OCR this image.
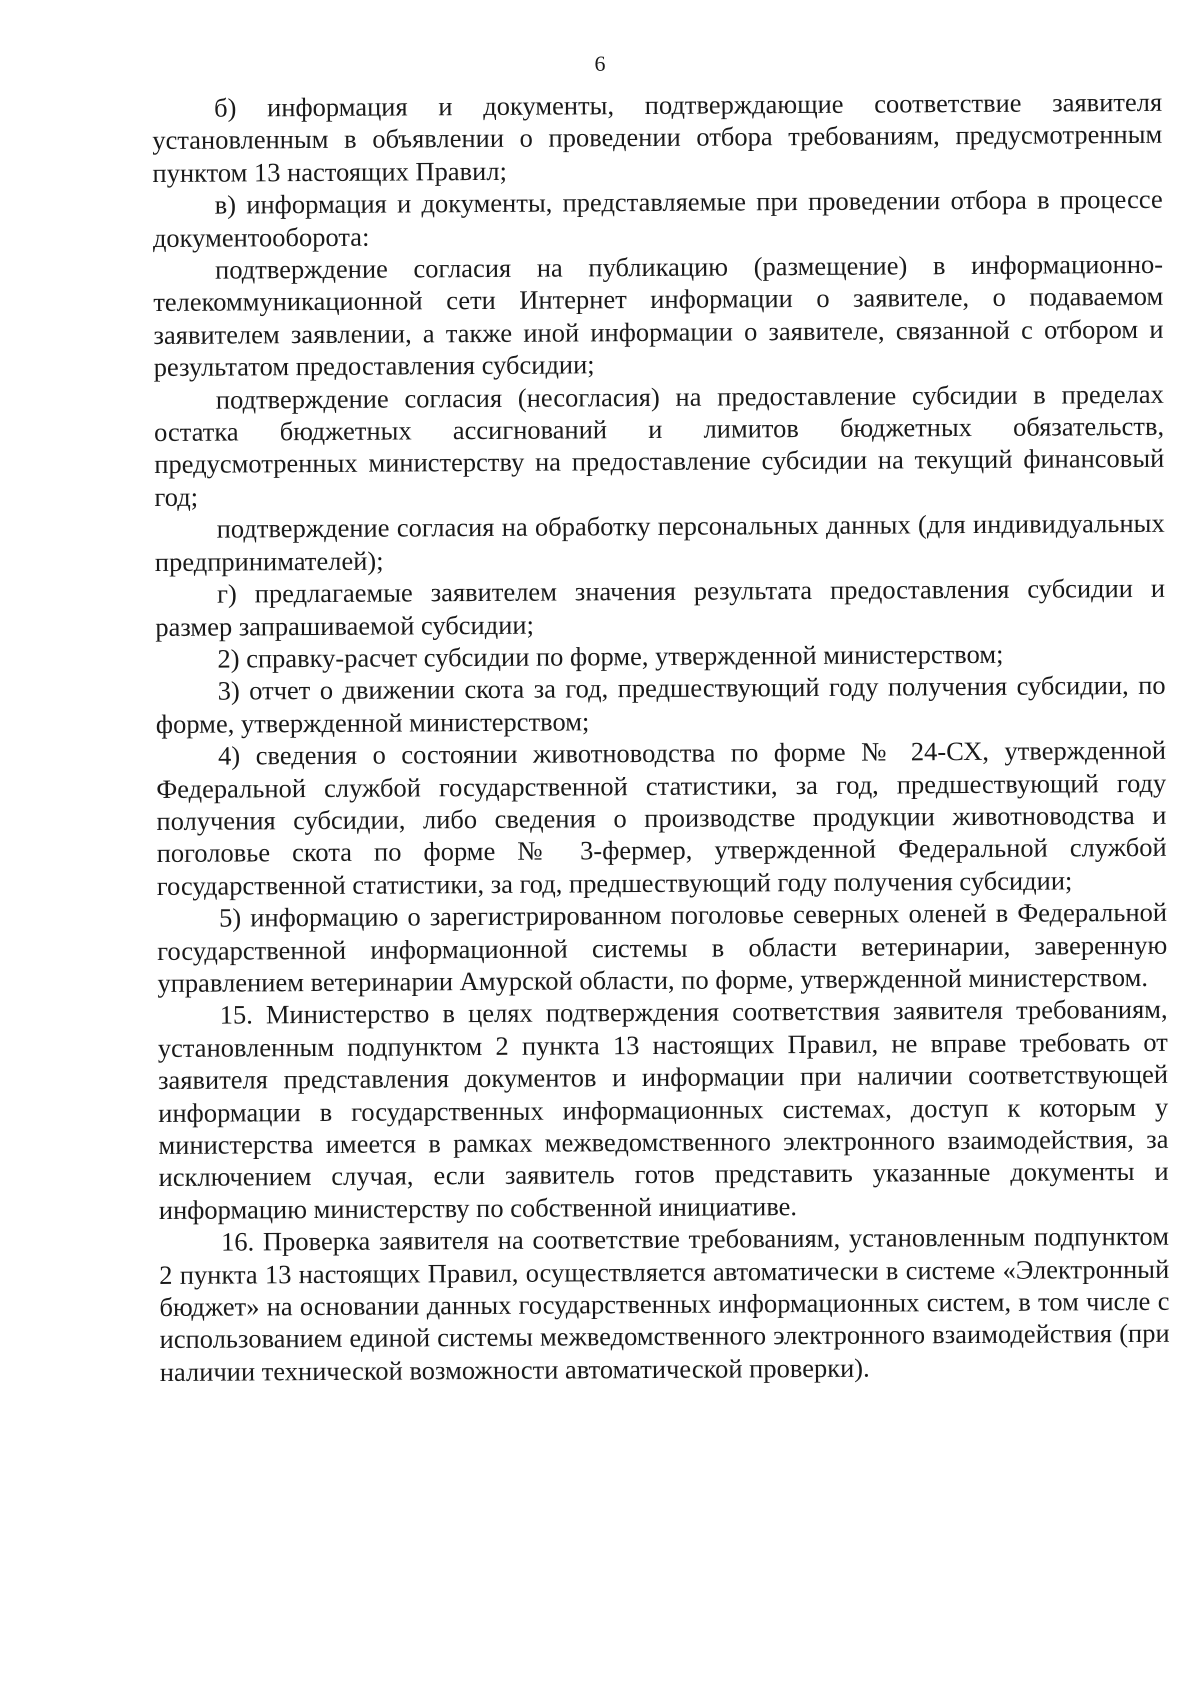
6

б) информация и документы, подтверждающие соответствие заявителя установленным в объявлении о проведении отбора требованиям, предусмотренным пунктом 13 настоящих Правил;

в) информация и документы, представляемые при проведении отбора в процессе документооборота:

подтверждение согласия на публикацию (размещение) в информационно-телекоммуникационной сети Интернет информации о заявителе, о подаваемом заявителем заявлении, а также иной информации о заявителе, связанной с отбором и результатом предоставления субсидии;

подтверждение согласия (несогласия) на предоставление субсидии в пределах остатка бюджетных ассигнований и лимитов бюджетных обязательств, предусмотренных министерству на предоставление субсидии на текущий финансовый год;

подтверждение согласия на обработку персональных данных (для индивидуальных предпринимателей);

г) предлагаемые заявителем значения результата предоставления субсидии и размер запрашиваемой субсидии;

2) справку-расчет субсидии по форме, утвержденной министерством;

3) отчет о движении скота за год, предшествующий году получения субсидии, по форме, утвержденной министерством;

4) сведения о состоянии животноводства по форме № 24-СХ, утвержденной Федеральной службой государственной статистики, за год, предшествующий году получения субсидии, либо сведения о производстве продукции животноводства и поголовье скота по форме № 3-фермер, утвержденной Федеральной службой государственной статистики, за год, предшествующий году получения субсидии;

5) информацию о зарегистрированном поголовье северных оленей в Федеральной государственной информационной системы в области ветеринарии, заверенную управлением ветеринарии Амурской области, по форме, утвержденной министерством.

15. Министерство в целях подтверждения соответствия заявителя требованиям, установленным подпунктом 2 пункта 13 настоящих Правил, не вправе требовать от заявителя представления документов и информации при наличии соответствующей информации в государственных информационных системах, доступ к которым у министерства имеется в рамках межведомственного электронного взаимодействия, за исключением случая, если заявитель готов представить указанные документы и информацию министерству по собственной инициативе.

16. Проверка заявителя на соответствие требованиям, установленным подпунктом 2 пункта 13 настоящих Правил, осуществляется автоматически в системе «Электронный бюджет» на основании данных государственных информационных систем, в том числе с использованием единой системы межведомственного электронного взаимодействия (при наличии технической возможности автоматической проверки).
